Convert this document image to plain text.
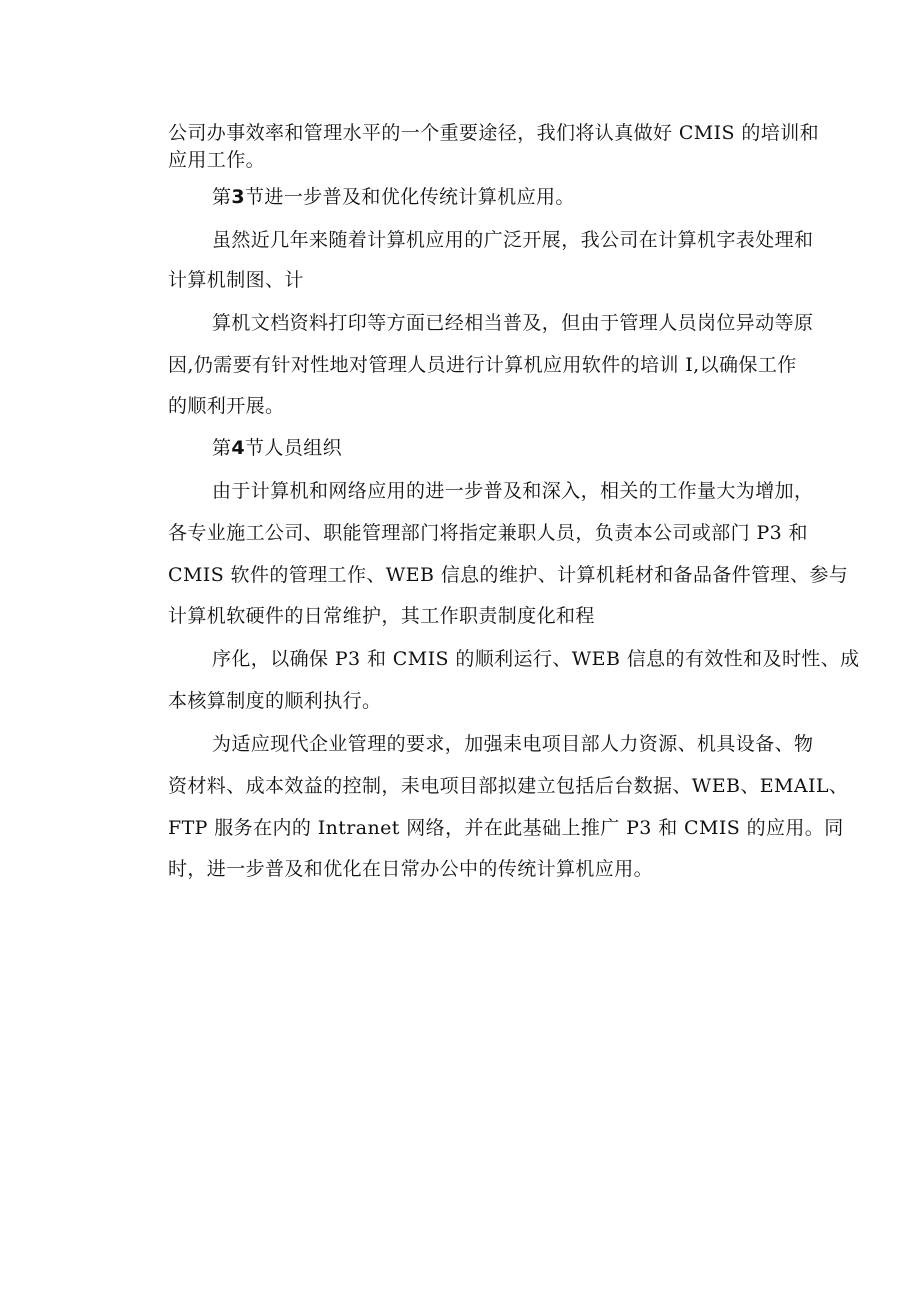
公司办事效率和管理水平的一个重要途径，我们将认真做好 CMIS 的培训和
应用工作。
第3节进一步普及和优化传统计算机应用。
虽然近几年来随着计算机应用的广泛开展，我公司在计算机字表处理和
计算机制图、计
算机文档资料打印等方面已经相当普及，但由于管理人员岗位异动等原
因,仍需要有针对性地对管理人员进行计算机应用软件的培训 I,以确保工作
的顺利开展。
第4节人员组织
由于计算机和网络应用的进一步普及和深入，相关的工作量大为增加，
各专业施工公司、职能管理部门将指定兼职人员，负责本公司或部门 P3 和
CMIS 软件的管理工作、WEB 信息的维护、计算机耗材和备品备件管理、参与
计算机软硬件的日常维护，其工作职责制度化和程
序化，以确保 P3 和 CMIS 的顺利运行、WEB 信息的有效性和及时性、成
本核算制度的顺利执行。
为适应现代企业管理的要求，加强耒电项目部人力资源、机具设备、物
资材料、成本效益的控制，耒电项目部拟建立包括后台数据、WEB、EMAIL、
FTP 服务在内的 Intranet 网络，并在此基础上推广 P3 和 CMIS 的应用。同
时，进一步普及和优化在日常办公中的传统计算机应用。
